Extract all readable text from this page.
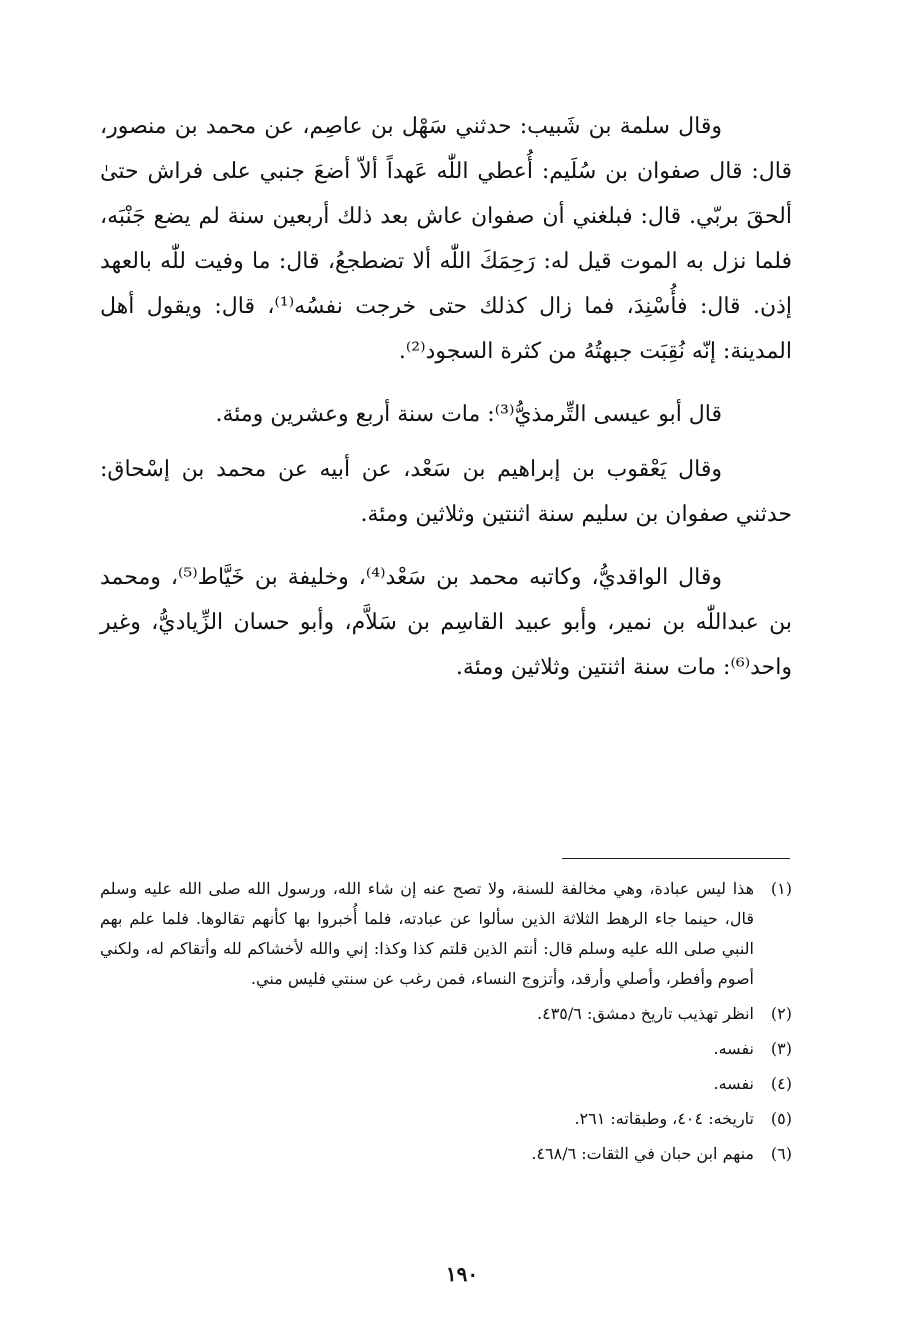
وقال سلمة بن شَبيب: حدثني سَهْل بن عاصِم، عن محمد بن منصور، قال: قال صفوان بن سُلَيم: أُعطي اللّٰه عَهداً ألاّ أضعَ جنبي على فراش حتىٰ ألحقَ بربّي. قال: فبلغني أن صفوان عاش بعد ذلك أربعين سنة لم يضع جَنْبَه، فلما نزل به الموت قيل له: رَحِمَكَ اللّٰه ألا تضطجعُ، قال: ما وفيت للّٰه بالعهد إذن. قال: فأُسْنِدَ، فما زال كذلك حتى خرجت نفسُه⁽¹⁾، قال: ويقول أهل المدينة: إنّه نُقِبَت جبهتُهُ من كثرة السجود⁽²⁾.

قال أبو عيسى التِّرمذيُّ⁽³⁾: مات سنة أربع وعشرين ومئة.

وقال يَعْقوب بن إبراهيم بن سَعْد، عن أبيه عن محمد بن إسْحاق: حدثني صفوان بن سليم سنة اثنتين وثلاثين ومئة.

وقال الواقديُّ، وكاتبه محمد بن سَعْد⁽⁴⁾، وخليفة بن خَيَّاط⁽⁵⁾، ومحمد بن عبداللّٰه بن نمير، وأبو عبيد القاسِم بن سَلاَّم، وأبو حسان الزِّياديُّ، وغير واحد⁽⁶⁾: مات سنة اثنتين وثلاثين ومئة.

(١)
هذا ليس عبادة، وهي مخالفة للسنة، ولا تصح عنه إن شاء الله، ورسول الله صلى الله عليه وسلم قال، حينما جاء الرهط الثلاثة الذين سألوا عن عبادته، فلما أُخبروا بها كأنهم تقالوها. فلما علم بهم النبي صلى الله عليه وسلم قال: أنتم الذين قلتم كذا وكذا: إني والله لأخشاكم لله وأتقاكم له، ولكني أصوم وأفطر، وأصلي وأرقد، وأتزوج النساء، فمن رغب عن سنتي فليس مني.
(٢)
انظر تهذيب تاريخ دمشق: ٤٣٥/٦.
(٣)
نفسه.
(٤)
نفسه.
(٥)
تاريخه: ٤٠٤، وطبقاته: ٢٦١.
(٦)
منهم ابن حبان في الثقات: ٤٦٨/٦.
١٩٠
